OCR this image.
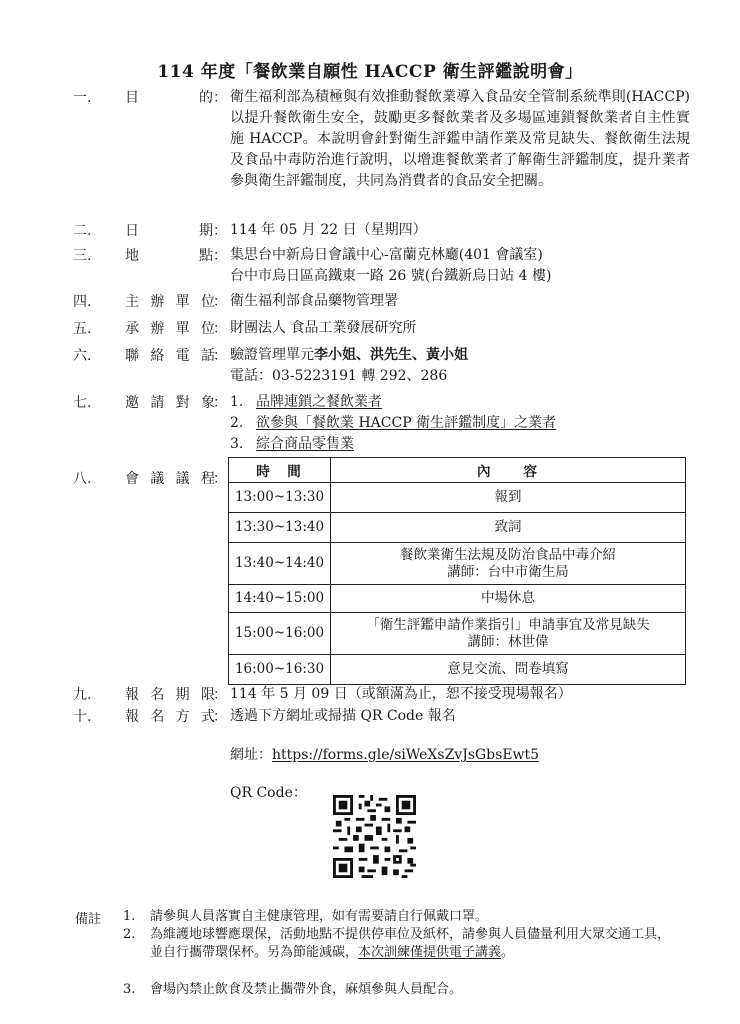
114 年度「餐飲業自願性 HACCP 衛生評鑑說明會」
一.	目	的 ： 衛生福利部為積極與有效推動餐飲業導入食品安全管制系統準則(HACCP)以提升餐飲衛生安全，鼓勵更多餐飲業者及多場區連鎖餐飲業者自主性實施 HACCP。本說明會針對衛生評鑑申請作業及常見缺失、餐飲衛生法規及食品中毒防治進行說明，以增進餐飲業者了解衛生評鑑制度，提升業者參與衛生評鑑制度，共同為消費者的食品安全把關。
二.	日	期 ： 114 年 05 月 22 日（星期四）
三.	地	點 ： 集思台中新烏日會議中心-富蘭克林廳(401 會議室)
台中市烏日區高鐵東一路 26 號(台鐵新烏日站 4 樓)
四.	主 辦 單 位
： 衛生福利部食品藥物管理署
五.	承 辦 單 位
： 財團法人 食品工業發展研究所
六.	聯 絡 電 話
： 驗證管理單元李小姐、洪先生、黃小姐
電話：03-5223191 轉 292、286
七.	邀 請 對 象
： 1. 品牌連鎖之餐飲業者
2. 欲參與「餐飲業 HACCP 衛生評鑑制度」之業者
3. 綜合商品零售業
八.	會 議 議 程
： 時　間	內　　容
13:00~13:30	報到
13:30~13:40	致詞
13:40~14:40	餐飲業衛生法規及防治食品中毒介紹
講師：台中市衛生局

14:40~15:00	中場休息
15:00~16:00	「衛生評鑑申請作業指引」申請事宜及常見缺失
講師：林世偉

16:00~16:30	意見交流、問卷填寫
九.	報 名 期 限
： 114 年 5 月 09 日（或額滿為止，恕不接受現場報名）
十.	報 名 方 式
： 透過下方網址或掃描 QR Code 報名
網址：https://forms.gle/siWeXsZvJsGbsEwt5
QR Code：
備註 1. 請參與人員落實自主健康管理，如有需要請自行佩戴口罩。
2. 為維護地球響應環保，活動地點不提供停車位及紙杯，請參與人員儘量利用大眾交通工具，並自行攜帶環保杯。另為節能減碳，本次訓練僅提供電子講義。
3. 會場內禁止飲食及禁止攜帶外食，麻煩參與人員配合。
